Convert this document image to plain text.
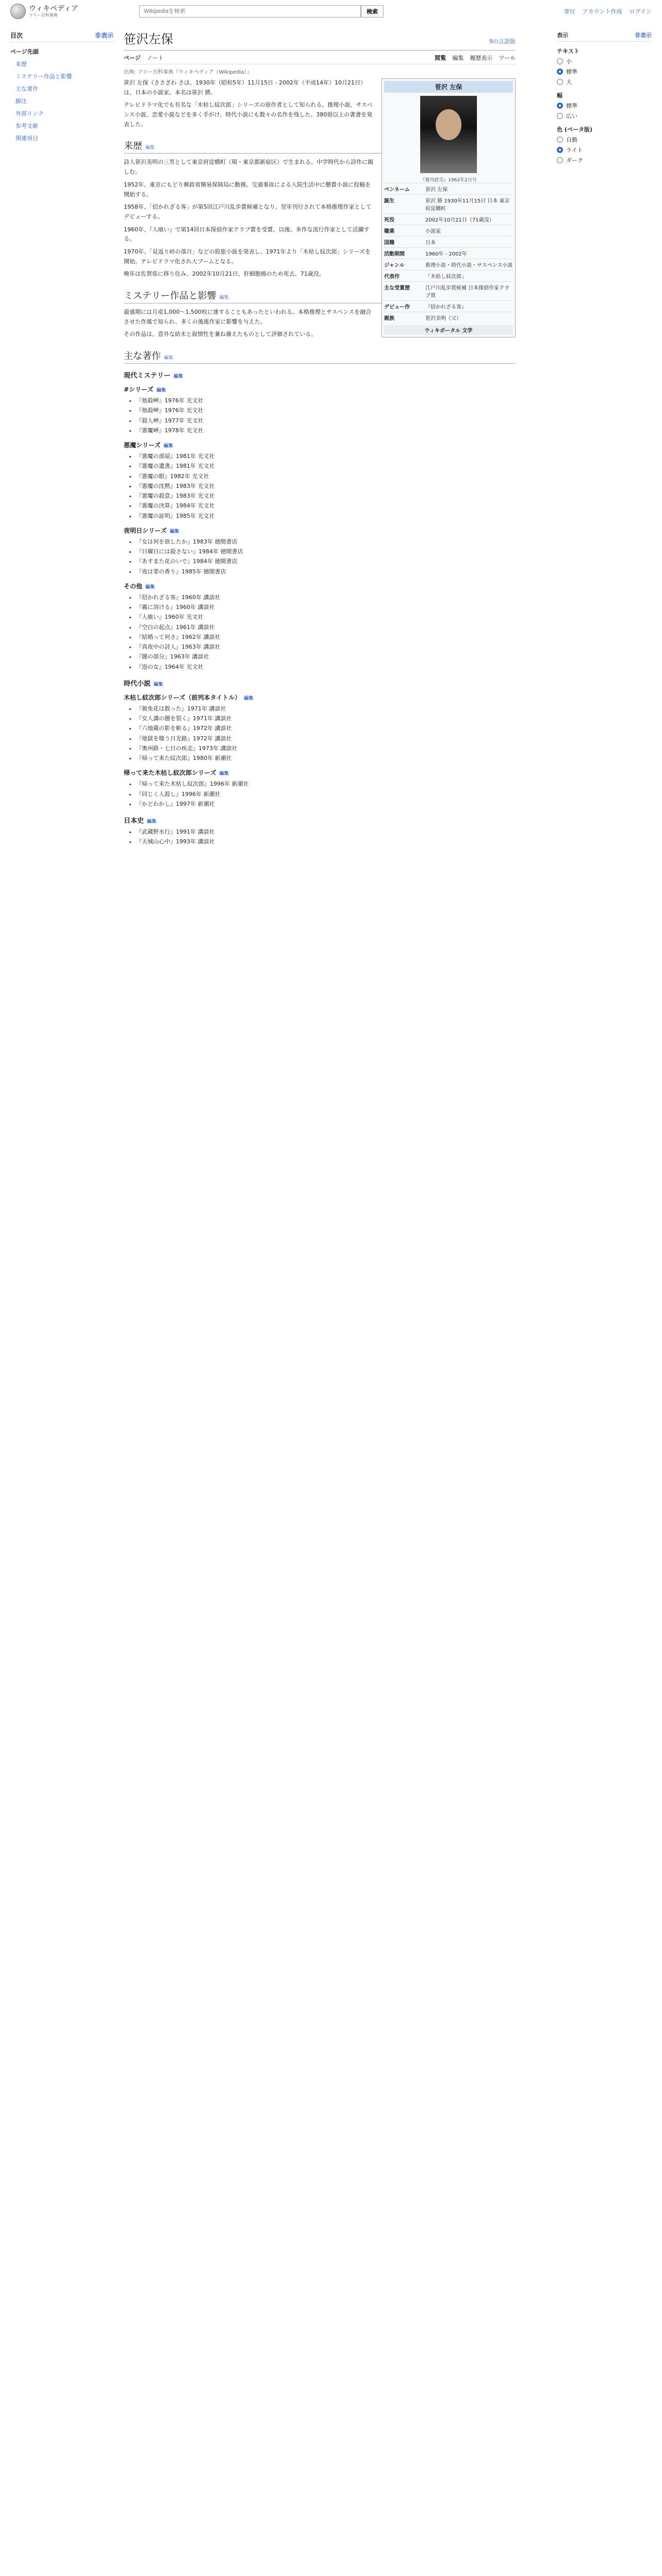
ウィキペディア
フリー百科事典
Wikipediaを検索	検索	寄付 アカウント作成 ログイン
目次	非表示
ページ先頭
来歴
ミステリー作品と影響
主な著作
脚注
外部リンク
参考文献
関連項目
笹沢左保	9の言語版
ページ ノート	閲覧 編集 履歴表示 ツール
出典: フリー百科事典『ウィキペディア（Wikipedia）』
笹沢 左保
『週刊読売』1962年2月号
ペンネーム	笹沢 左保
誕生	笹沢 勝 1930年11月15日 日本 東京府淀橋町
死没	2002年10月21日（71歳没）
職業	小説家
国籍	日本
活動期間	1960年 - 2002年
ジャンル	推理小説・時代小説・サスペンス小説
代表作	「木枯し紋次郎」
主な受賞歴	江戸川乱歩賞候補 日本探偵作家クラブ賞
デビュー作	『招かれざる客』
親族	笹沢美明（父）
ウィキポータル 文学

笹沢 左保（ささざわ さほ、1930年（昭和5年）11月15日 - 2002年（平成14年）10月21日）は、日本の小説家。本名は笹沢 勝。

テレビドラマ化でも有名な「木枯し紋次郎」シリーズの原作者として知られる。推理小説、サスペンス小説、恋愛小説などを多く手がけ、時代小説にも数々の名作を残した。380冊以上の著書を発表した。

来歴 編集

詩人笹沢美明の三男として東京府淀橋町（現・東京都新宿区）で生まれる。中学時代から詩作に親しむ。

1952年、東京にもどり郵政省簡易保険局に勤務。交通事故による入院生活中に懸賞小説に投稿を開始する。

1958年、「招かれざる客」が第5回江戸川乱歩賞候補となり、翌年刊行されて本格推理作家としてデビューする。

1960年、『人喰い』で第14回日本探偵作家クラブ賞を受賞。以後、多作な流行作家として活躍する。

1970年、「見返り峠の落日」などの股旅小説を発表し、1971年より「木枯し紋次郎」シリーズを開始。テレビドラマ化され大ブームとなる。

晩年は佐賀県に移り住み、2002年10月21日、肝細胞癌のため死去。71歳没。

ミステリー作品と影響 編集

最盛期には月産1,000～1,500枚に達することもあったといわれる。本格推理とサスペンスを融合させた作風で知られ、多くの後進作家に影響を与えた。

その作品は、意外な結末と叙情性を兼ね備えたものとして評価されている。

主な著作 編集
現代ミステリー 編集
#シリーズ 編集
• 『他殺岬』1976年 光文社
• 『他殺岬』1976年 光文社
• 『殺人岬』1977年 光文社
• 『悪魔岬』1978年 光文社
悪魔シリーズ 編集
• 『悪魔の部屋』1981年 光文社
• 『悪魔の遺書』1981年 光文社
• 『悪魔の眼』1982年 光文社
• 『悪魔の沈黙』1983年 光文社
• 『悪魔の殺意』1983年 光文社
• 『悪魔の決算』1984年 光文社
• 『悪魔の証明』1985年 光文社
夜明日シリーズ 編集
• 『女は何を欲したか』1983年 徳間書店
• 『日曜日には殺さない』1984年 徳間書店
• 『あすまた花のいで』1984年 徳間書店
• 『夜は罪の香り』1985年 徳間書店
その他 編集
• 『招かれざる客』1960年 講談社
• 『霧に溶ける』1960年 講談社
• 『人喰い』1960年 光文社
• 『空白の起点』1961年 講談社
• 『結婚って何さ』1962年 講談社
• 『真夜中の詩人』1963年 講談社
• 『闇の部分』1963年 講談社
• 『泡の女』1964年 光文社
時代小説 編集
木枯し紋次郎シリーズ（前列本タイトル） 編集
• 『赦免花は散った』1971年 講談社
• 『女人講の闇を裂く』1971年 講談社
• 『六地蔵の影を斬る』1972年 講談社
• 『地獄を嗤う日光路』1972年 講談社
• 『奥州路・七日の疾走』1973年 講談社
• 『帰って来た紋次郎』1980年 新潮社
帰って来た木枯し紋次郎シリーズ 編集
• 『帰って来た木枯し紋次郎』1996年 新潮社
• 『同じく人殺し』1996年 新潮社
• 『かどわかし』1997年 新潮社
日本史 編集
• 『武蔵野水行』1991年 講談社
• 『天城山心中』1993年 講談社
表示	非表示
テキスト
小
標準
大
幅
標準
広い
色 (ベータ版)
自動
ライト
ダーク
